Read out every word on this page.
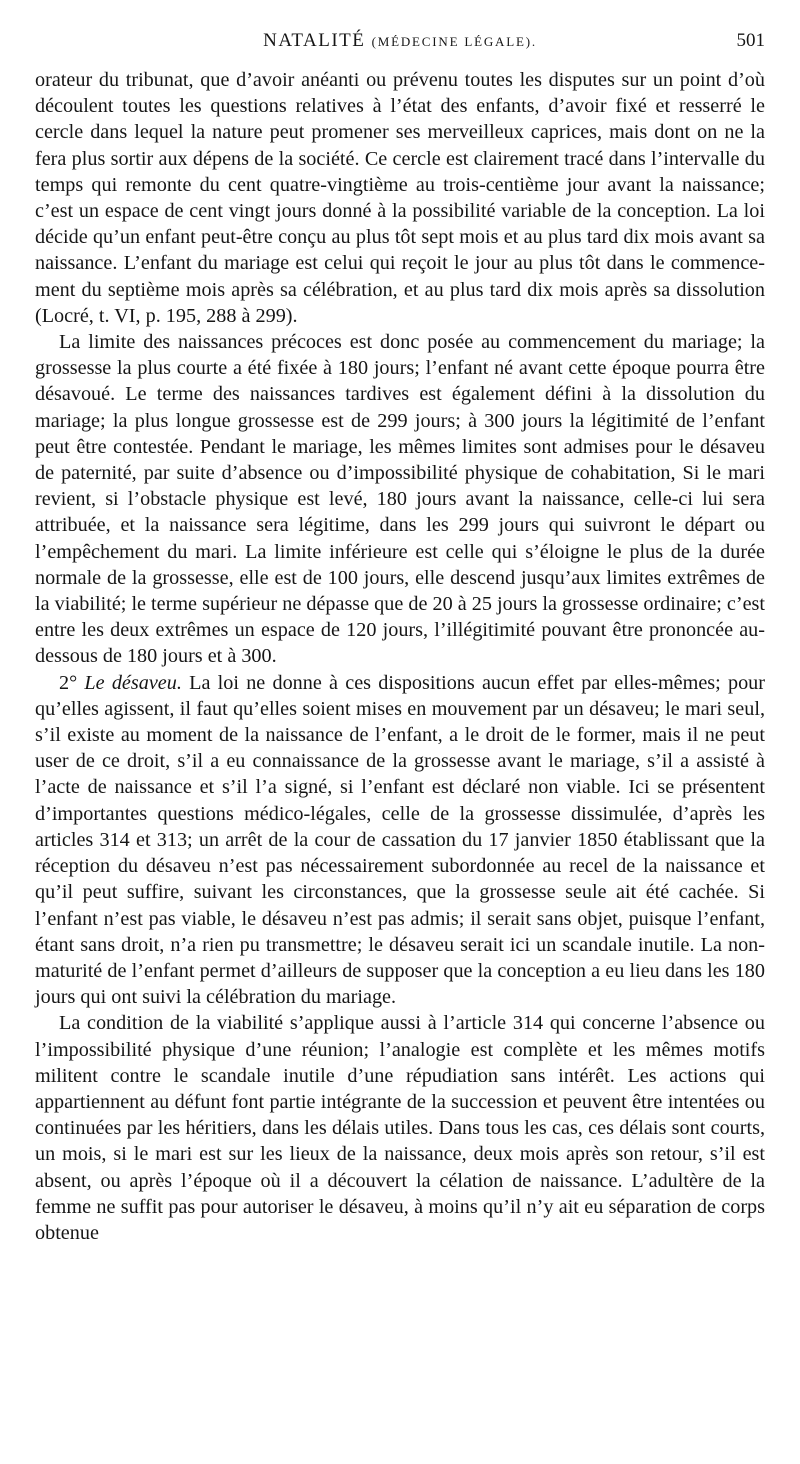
NATALITÉ (MÉDECINE LÉGALE).	501

orateur du tribunat, que d’avoir anéanti ou prévenu toutes les disputes sur un point d’où découlent toutes les questions relatives à l’état des enfants, d’avoir fixé et resserré le cercle dans lequel la nature peut promener ses merveilleux caprices, mais dont on ne la fera plus sortir aux dépens de la société. Ce cercle est clairement tracé dans l’intervalle du temps qui remonte du cent quatre-vingtième au trois-centième jour avant la naissance; c’est un espace de cent vingt jours donné à la possibilité variable de la conception. La loi décide qu’un enfant peut-être conçu au plus tôt sept mois et au plus tard dix mois avant sa naissance. L’enfant du mariage est celui qui reçoit le jour au plus tôt dans le commencement du septième mois après sa célébration, et au plus tard dix mois après sa dissolution (Locré, t. VI, p. 195, 288 à 299).

La limite des naissances précoces est donc posée au commencement du mariage; la grossesse la plus courte a été fixée à 180 jours; l’enfant né avant cette époque pourra être désavoué. Le terme des naissances tardives est également défini à la dissolution du mariage; la plus longue grossesse est de 299 jours; à 300 jours la légitimité de l’enfant peut être contestée. Pendant le mariage, les mêmes limites sont admises pour le désaveu de paternité, par suite d’absence ou d’impossibilité physique de cohabitation, Si le mari revient, si l’obstacle physique est levé, 180 jours avant la naissance, celle-ci lui sera attribuée, et la naissance sera légitime, dans les 299 jours qui suivront le départ ou l’empêchement du mari. La limite inférieure est celle qui s’éloigne le plus de la durée normale de la grossesse, elle est de 100 jours, elle descend jusqu’aux limites extrêmes de la viabilité; le terme supérieur ne dépasse que de 20 à 25 jours la grossesse ordinaire; c’est entre les deux extrêmes un espace de 120 jours, l’illégitimité pouvant être prononcée au-dessous de 180 jours et à 300.

2° Le désaveu. La loi ne donne à ces dispositions aucun effet par elles-mêmes; pour qu’elles agissent, il faut qu’elles soient mises en mouvement par un désaveu; le mari seul, s’il existe au moment de la naissance de l’enfant, a le droit de le former, mais il ne peut user de ce droit, s’il a eu connaissance de la grossesse avant le mariage, s’il a assisté à l’acte de naissance et s’il l’a signé, si l’enfant est déclaré non viable. Ici se présentent d’importantes questions médico-légales, celle de la grossesse dissimulée, d’après les articles 314 et 313; un arrêt de la cour de cassation du 17 janvier 1850 établissant que la réception du désaveu n’est pas nécessairement subordonnée au recel de la naissance et qu’il peut suffire, suivant les circonstances, que la grossesse seule ait été cachée. Si l’enfant n’est pas viable, le désaveu n’est pas admis; il serait sans objet, puisque l’enfant, étant sans droit, n’a rien pu transmettre; le désaveu serait ici un scandale inutile. La non-maturité de l’enfant permet d’ailleurs de supposer que la conception a eu lieu dans les 180 jours qui ont suivi la célébration du mariage.

La condition de la viabilité s’applique aussi à l’article 314 qui concerne l’absence ou l’impossibilité physique d’une réunion; l’analogie est complète et les mêmes motifs militent contre le scandale inutile d’une répudiation sans intérêt. Les actions qui appartiennent au défunt font partie intégrante de la succession et peuvent être intentées ou continuées par les héritiers, dans les délais utiles. Dans tous les cas, ces délais sont courts, un mois, si le mari est sur les lieux de la naissance, deux mois après son retour, s’il est absent, ou après l’époque où il a découvert la célation de naissance. L’adultère de la femme ne suffit pas pour autoriser le désaveu, à moins qu’il n’y ait eu séparation de corps obtenue
